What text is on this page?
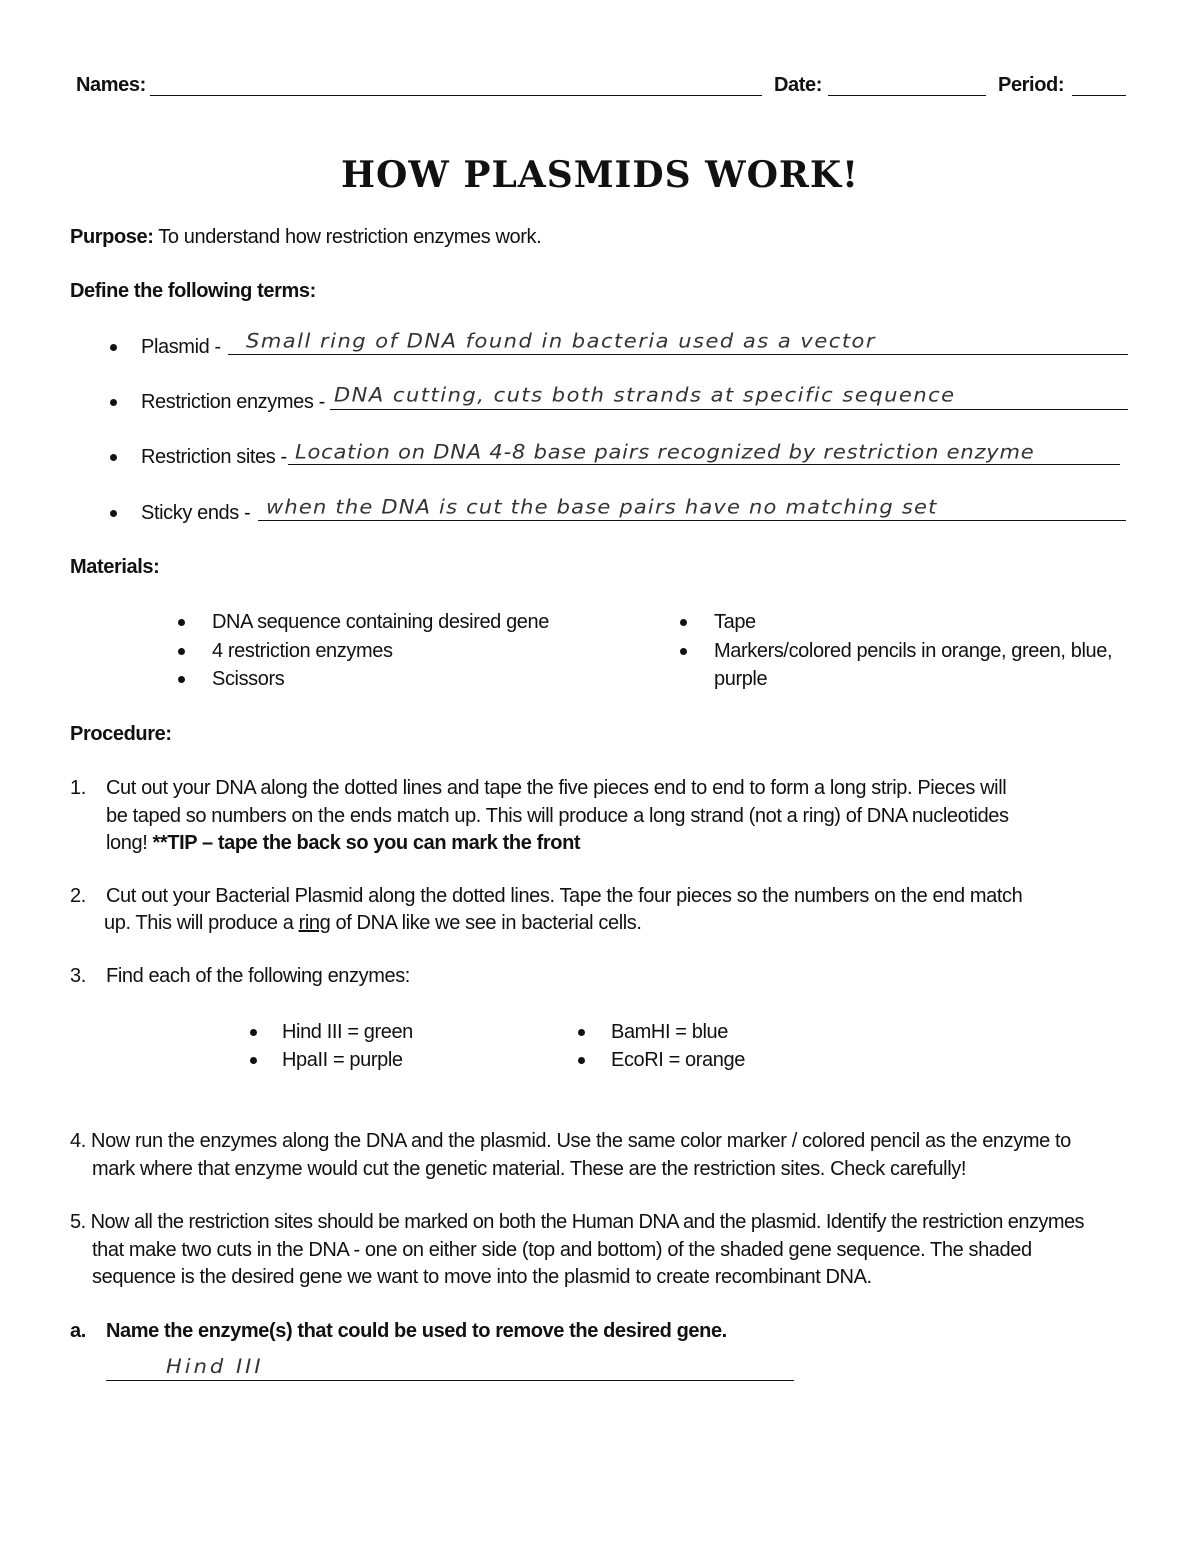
Names:	Date:	Period:
HOW PLASMIDS WORK!
Purpose: To understand how restriction enzymes work.
Define the following terms:
Plasmid - Small ring of DNA found in bacteria used as a vector
Restriction enzymes - DNA cutting, cuts both strands at specific sequence
Restriction sites - Location on DNA 4-8 base pairs recognized by restriction enzyme
Sticky ends - when the DNA is cut the base pairs have no matching set
Materials:
DNA sequence containing desired gene
4 restriction enzymes
Scissors
Tape
Markers/colored pencils in orange, green, blue,
purple
Procedure:
1. Cut out your DNA along the dotted lines and tape the five pieces end to end to form a long strip. Pieces will
be taped so numbers on the ends match up. This will produce a long strand (not a ring) of DNA nucleotides
long! **TIP – tape the back so you can mark the front
2. Cut out your Bacterial Plasmid along the dotted lines. Tape the four pieces so the numbers on the end match
up. This will produce a ring of DNA like we see in bacterial cells.
3. Find each of the following enzymes:
Hind III = green
HpaII = purple
BamHI = blue
EcoRI = orange
4. Now run the enzymes along the DNA and the plasmid. Use the same color marker / colored pencil as the enzyme to
mark where that enzyme would cut the genetic material. These are the restriction sites. Check carefully!
5. Now all the restriction sites should be marked on both the Human DNA and the plasmid. Identify the restriction enzymes
that make two cuts in the DNA - one on either side (top and bottom) of the shaded gene sequence. The shaded
sequence is the desired gene we want to move into the plasmid to create recombinant DNA.
a. Name the enzyme(s) that could be used to remove the desired gene.
Hind III
